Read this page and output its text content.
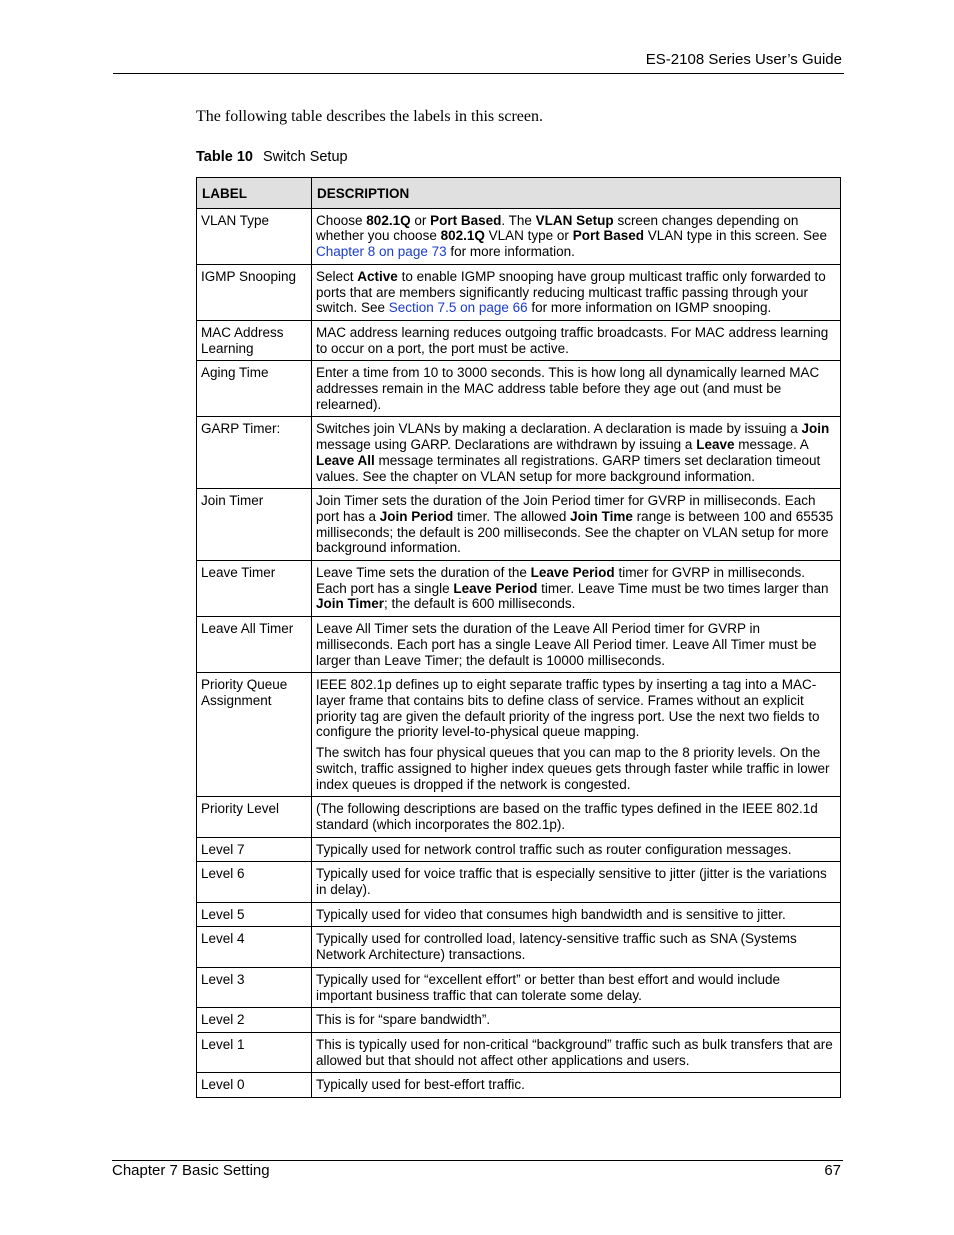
ES-2108 Series User’s Guide
The following table describes the labels in this screen.
Table 10 Switch Setup
LABEL	DESCRIPTION
VLAN Type	Choose 802.1Q or Port Based. The VLAN Setup screen changes depending on whether you choose 802.1Q VLAN type or Port Based VLAN type in this screen. See Chapter 8 on page 73 for more information.

IGMP Snooping	Select Active to enable IGMP snooping have group multicast traffic only forwarded to ports that are members significantly reducing multicast traffic passing through your switch. See Section 7.5 on page 66 for more information on IGMP snooping.

MAC Address Learning	MAC address learning reduces outgoing traffic broadcasts. For MAC address learning to occur on a port, the port must be active.

Aging Time	Enter a time from 10 to 3000 seconds. This is how long all dynamically learned MAC addresses remain in the MAC address table before they age out (and must be relearned).

GARP Timer:	Switches join VLANs by making a declaration. A declaration is made by issuing a Join message using GARP. Declarations are withdrawn by issuing a Leave message. A Leave All message terminates all registrations. GARP timers set declaration timeout values. See the chapter on VLAN setup for more background information.

Join Timer	Join Timer sets the duration of the Join Period timer for GVRP in milliseconds. Each port has a Join Period timer. The allowed Join Time range is between 100 and 65535 milliseconds; the default is 200 milliseconds. See the chapter on VLAN setup for more background information.

Leave Timer	Leave Time sets the duration of the Leave Period timer for GVRP in milliseconds. Each port has a single Leave Period timer. Leave Time must be two times larger than Join Timer; the default is 600 milliseconds.

Leave All Timer	Leave All Timer sets the duration of the Leave All Period timer for GVRP in milliseconds. Each port has a single Leave All Period timer. Leave All Timer must be larger than Leave Timer; the default is 10000 milliseconds.

Priority Queue Assignment	IEEE 802.1p defines up to eight separate traffic types by inserting a tag into a MAC-layer frame that contains bits to define class of service. Frames without an explicit priority tag are given the default priority of the ingress port. Use the next two fields to configure the priority level-to-physical queue mapping.
The switch has four physical queues that you can map to the 8 priority levels. On the switch, traffic assigned to higher index queues gets through faster while traffic in lower index queues is dropped if the network is congested.

Priority Level	(The following descriptions are based on the traffic types defined in the IEEE 802.1d standard (which incorporates the 802.1p).

Level 7	Typically used for network control traffic such as router configuration messages.

Level 6	Typically used for voice traffic that is especially sensitive to jitter (jitter is the variations in delay).

Level 5	Typically used for video that consumes high bandwidth and is sensitive to jitter.

Level 4	Typically used for controlled load, latency-sensitive traffic such as SNA (Systems Network Architecture) transactions.

Level 3	Typically used for “excellent effort” or better than best effort and would include important business traffic that can tolerate some delay.

Level 2	This is for “spare bandwidth”.

Level 1	This is typically used for non-critical “background” traffic such as bulk transfers that are allowed but that should not affect other applications and users.

Level 0	Typically used for best-effort traffic.
Chapter 7 Basic Setting	67
